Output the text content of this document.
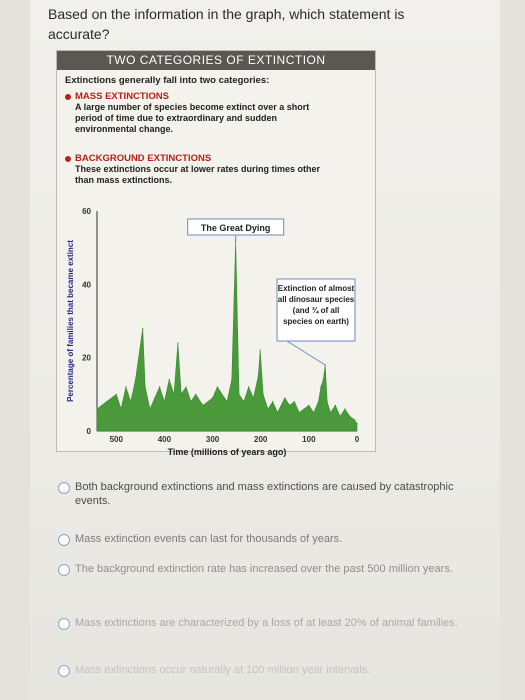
Based on the information in the graph, which statement is accurate?
TWO CATEGORIES OF EXTINCTION
Extinctions generally fall into two categories:
MASS EXTINCTIONS
A large number of species become extinct over a short period of time due to extraordinary and sudden environmental change.
BACKGROUND EXTINCTIONS
These extinctions occur at lower rates during times other than mass extinctions.
0
20
40
60
500	400	300	200	100	0
Time (millions of years ago)
Percentage of families that became extinct
The Great Dying
Extinction of almost all dinosaur species (and ¾ of all species on earth)
Both background extinctions and mass extinctions are caused by catastrophic events.
Mass extinction events can last for thousands of years.
The background extinction rate has increased over the past 500 million years.
Mass extinctions are characterized by a loss of at least 20% of animal families.
Mass extinctions occur naturally at 100 million year intervals.
